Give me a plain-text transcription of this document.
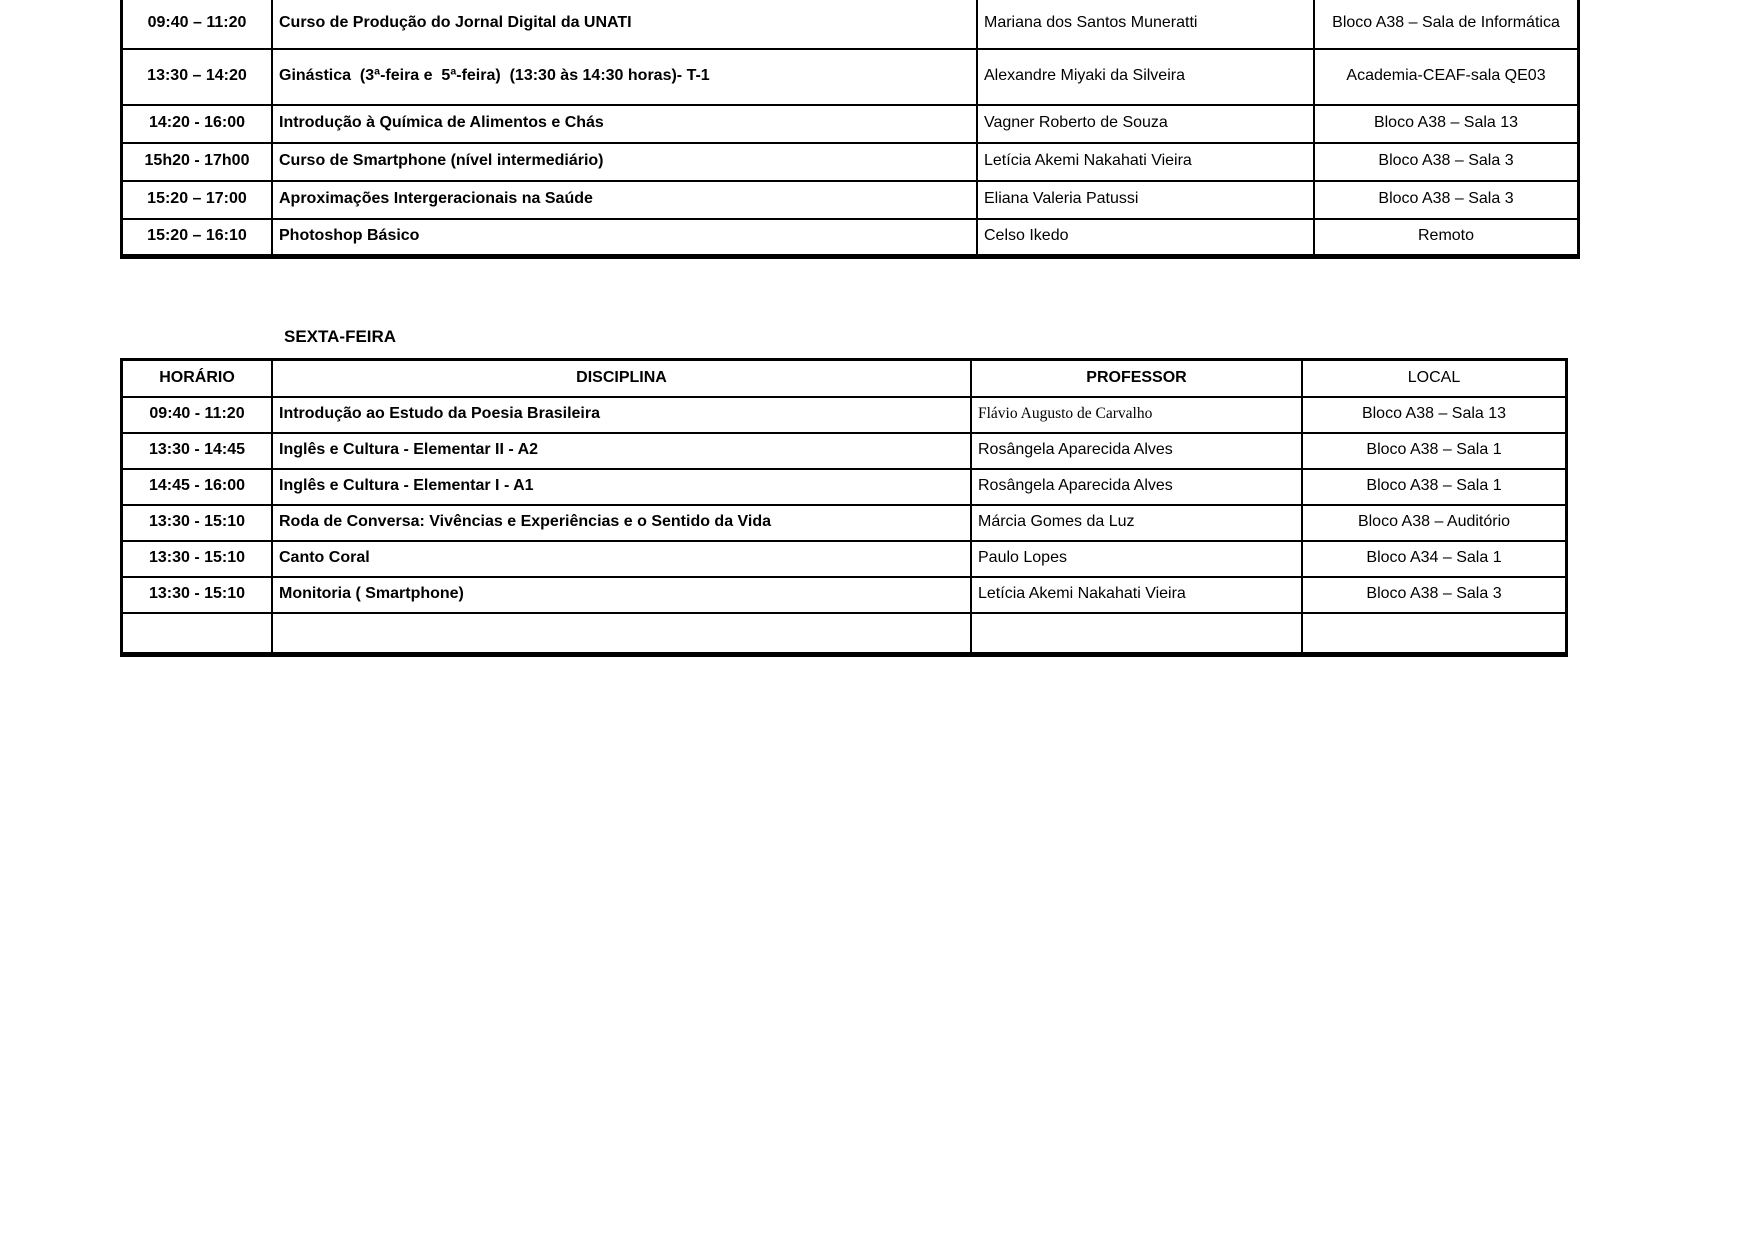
09:40 – 11:20	Curso de Produção do Jornal Digital da UNATI	Mariana dos Santos Muneratti	Bloco A38 – Sala de Informática
13:30 – 14:20	Ginástica  (3ª-feira e  5ª-feira)  (13:30 às 14:30 horas)- T-1	Alexandre Miyaki da Silveira	Academia-CEAF-sala QE03
14:20 - 16:00	Introdução à Química de Alimentos e Chás	Vagner Roberto de Souza	Bloco A38 – Sala 13
15h20 - 17h00	Curso de Smartphone (nível intermediário)	Letícia Akemi Nakahati Vieira	Bloco A38 – Sala 3
15:20 – 17:00	Aproximações Intergeracionais na Saúde	Eliana Valeria Patussi	Bloco A38 – Sala 3
15:20 – 16:10	Photoshop Básico	Celso Ikedo	Remoto
SEXTA-FEIRA
HORÁRIO	DISCIPLINA	PROFESSOR	LOCAL
09:40 - 11:20	Introdução ao Estudo da Poesia Brasileira	Flávio Augusto de Carvalho	Bloco A38 – Sala 13
13:30 - 14:45	Inglês e Cultura - Elementar II - A2	Rosângela Aparecida Alves	Bloco A38 – Sala 1
14:45 - 16:00	Inglês e Cultura - Elementar I - A1	Rosângela Aparecida Alves	Bloco A38 – Sala 1
13:30 - 15:10	Roda de Conversa: Vivências e Experiências e o Sentido da Vida	Márcia Gomes da Luz	Bloco A38 – Auditório
13:30 - 15:10	Canto Coral	Paulo Lopes	Bloco A34 – Sala 1
13:30 - 15:10	Monitoria ( Smartphone)	Letícia Akemi Nakahati Vieira	Bloco A38 – Sala 3
